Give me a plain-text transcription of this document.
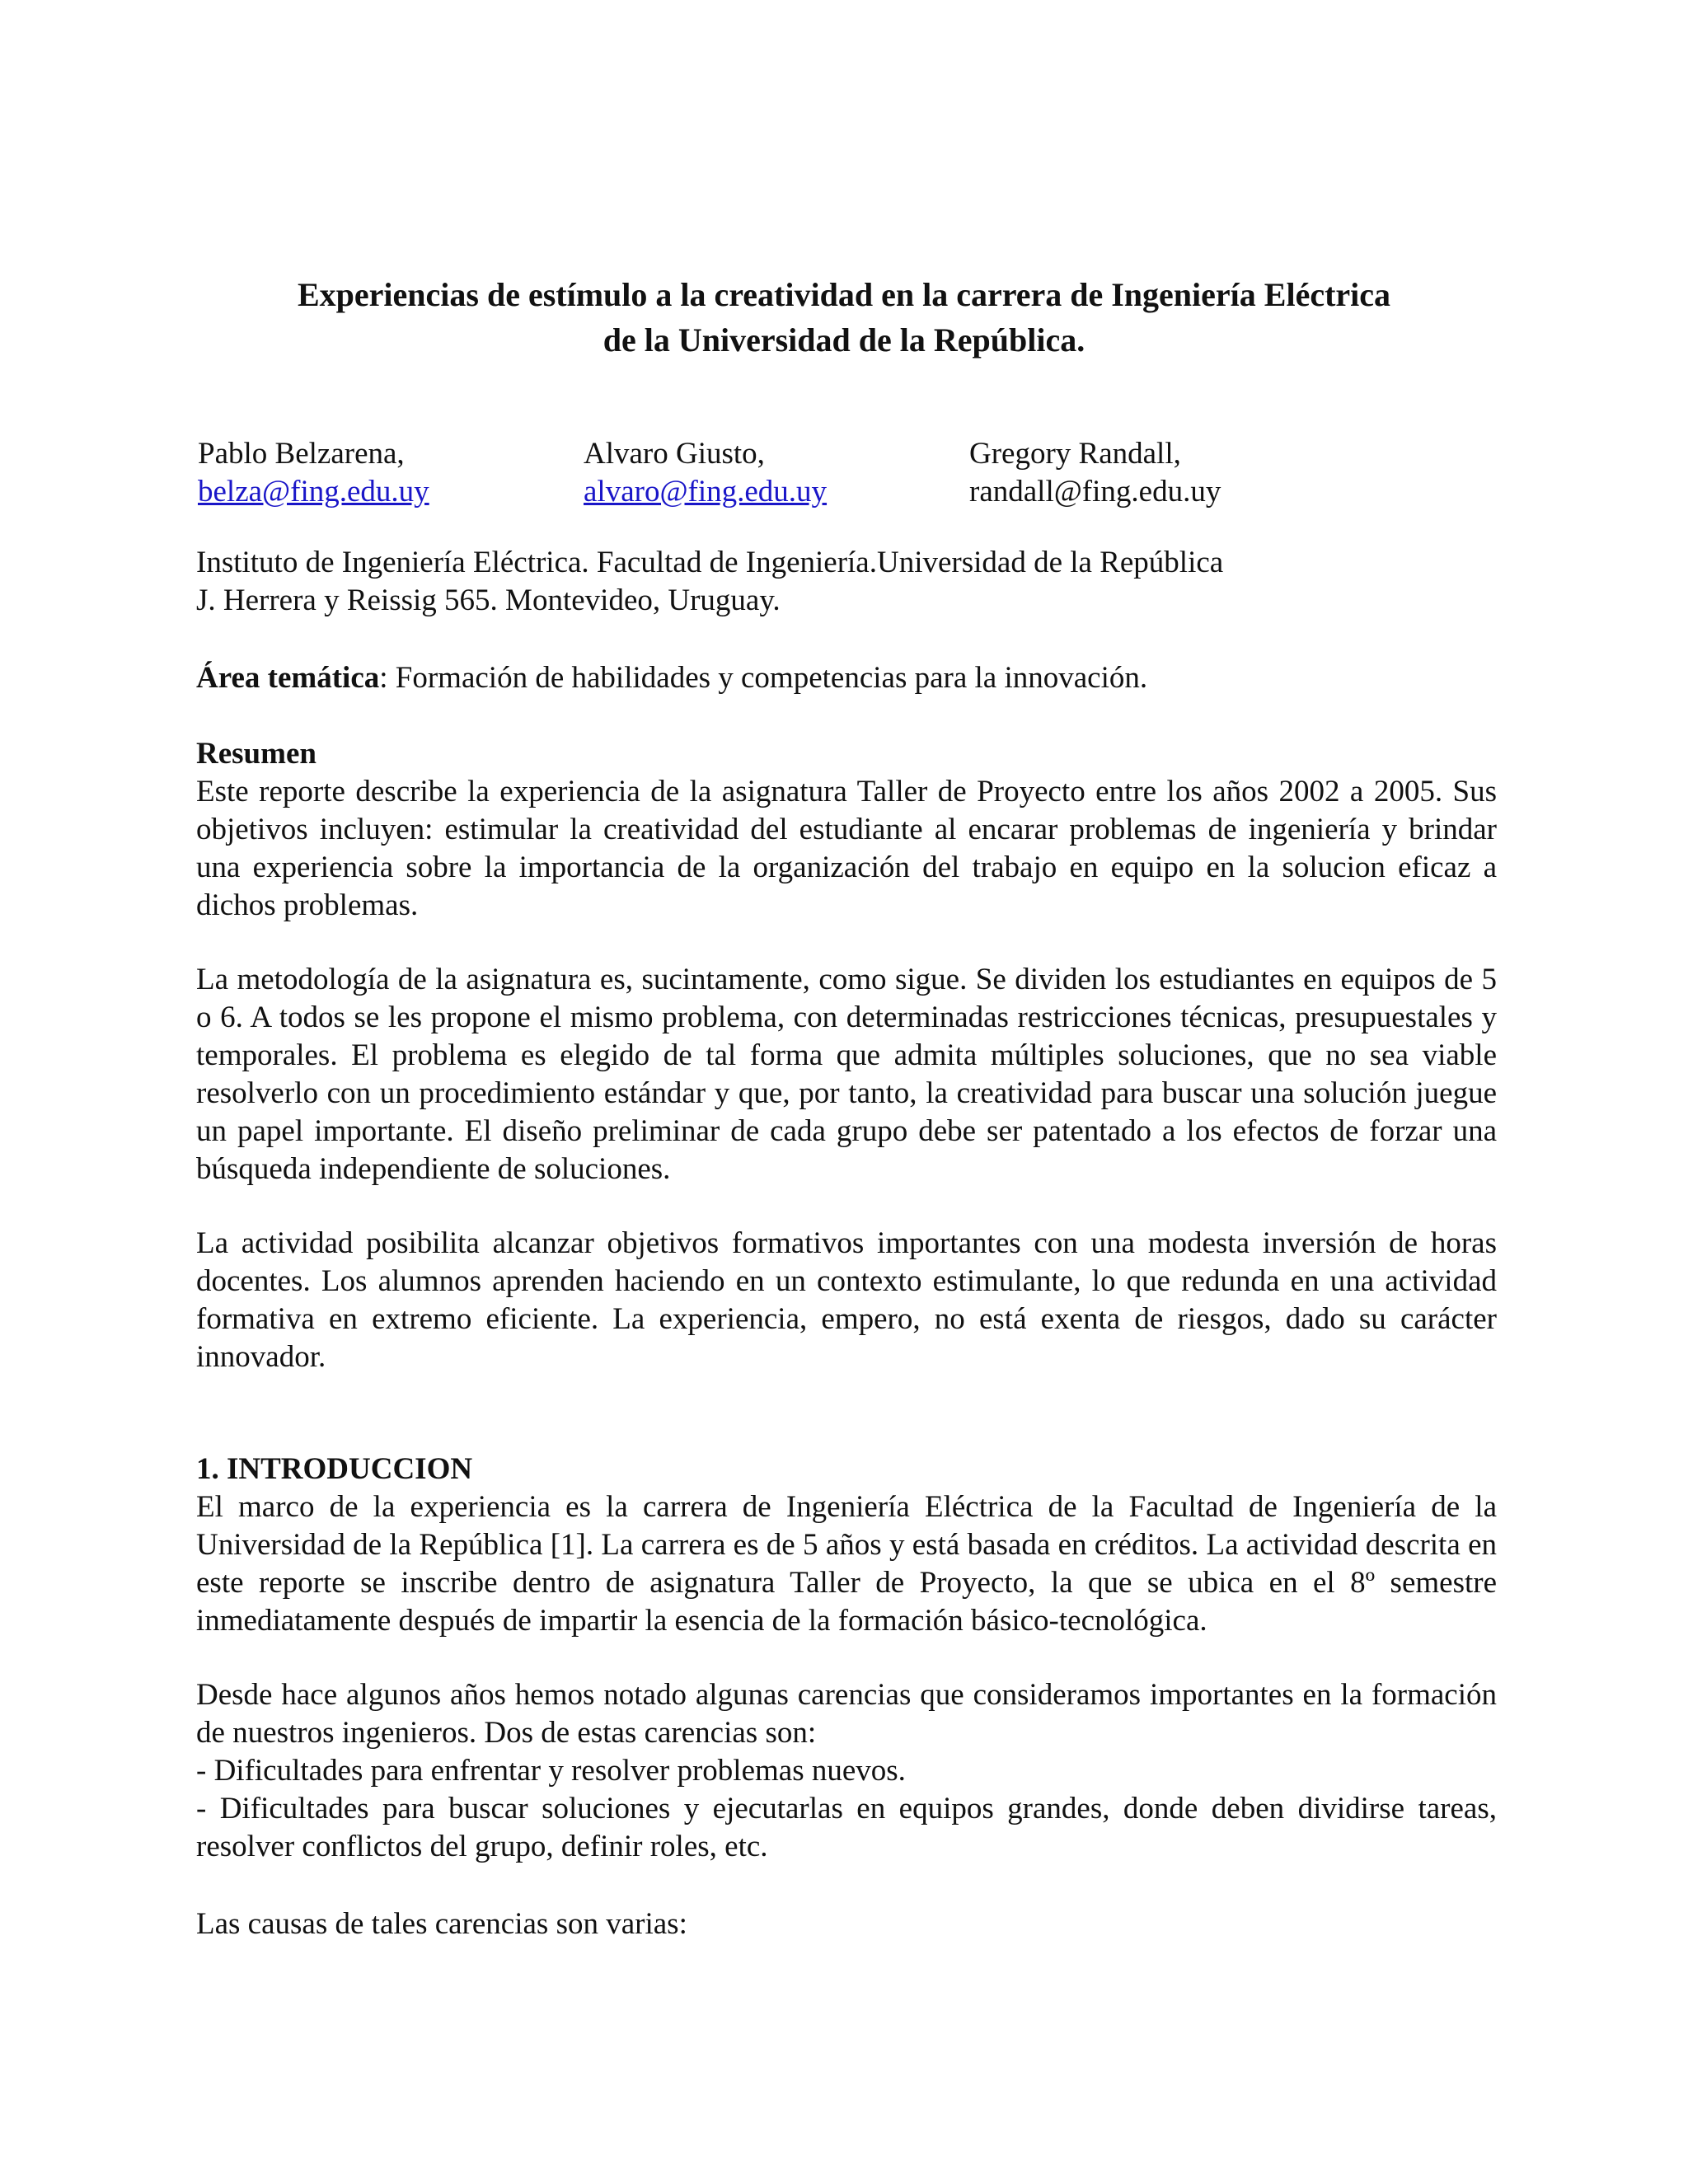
Experiencias de estímulo a la creatividad en la carrera de Ingeniería Eléctrica
de la Universidad de la República.
Pablo Belzarena,
belza@fing.edu.uy
Alvaro Giusto,
alvaro@fing.edu.uy
Gregory Randall,
randall@fing.edu.uy
Instituto de Ingeniería Eléctrica. Facultad de Ingeniería.Universidad de la República
J. Herrera y Reissig 565. Montevideo, Uruguay.
Área temática: Formación de habilidades y competencias para la innovación.
Resumen

Este reporte describe la experiencia de la asignatura Taller de Proyecto entre los años 2002 a 2005. Sus objetivos incluyen: estimular la creatividad del estudiante al encarar problemas de ingeniería y brindar una experiencia sobre la importancia de la organización del trabajo en equipo en la solucion eficaz a dichos problemas.

La metodología de la asignatura es, sucintamente, como sigue. Se dividen los estudiantes en equipos de 5 o 6. A todos se les propone el mismo problema, con determinadas restricciones técnicas, presupuestales y temporales. El problema es elegido de tal forma que admita múltiples soluciones, que no sea viable resolverlo con un procedimiento estándar y que, por tanto, la creatividad para buscar una solución juegue un papel importante. El diseño preliminar de cada grupo debe ser patentado a los efectos de forzar una búsqueda independiente de soluciones.

La actividad posibilita alcanzar objetivos formativos importantes con una modesta inversión de horas docentes. Los alumnos aprenden haciendo en un contexto estimulante, lo que redunda en una actividad formativa en extremo eficiente. La experiencia, empero, no está exenta de riesgos, dado su carácter innovador.

1. INTRODUCCION

El marco de la experiencia es la carrera de Ingeniería Eléctrica de la Facultad de Ingeniería de la Universidad de la República [1]. La carrera es de 5 años y está basada en créditos. La actividad descrita en este reporte se inscribe dentro de asignatura Taller de Proyecto, la que se ubica en el 8º semestre inmediatamente después de impartir la esencia de la formación básico-tecnológica.

Desde hace algunos años hemos notado algunas carencias que consideramos importantes en la formación de nuestros ingenieros. Dos de estas carencias son:

- Dificultades para enfrentar y resolver problemas nuevos.

- Dificultades para buscar soluciones y ejecutarlas en equipos grandes, donde deben dividirse tareas, resolver conflictos del grupo, definir roles, etc.

Las causas de tales carencias son varias:
